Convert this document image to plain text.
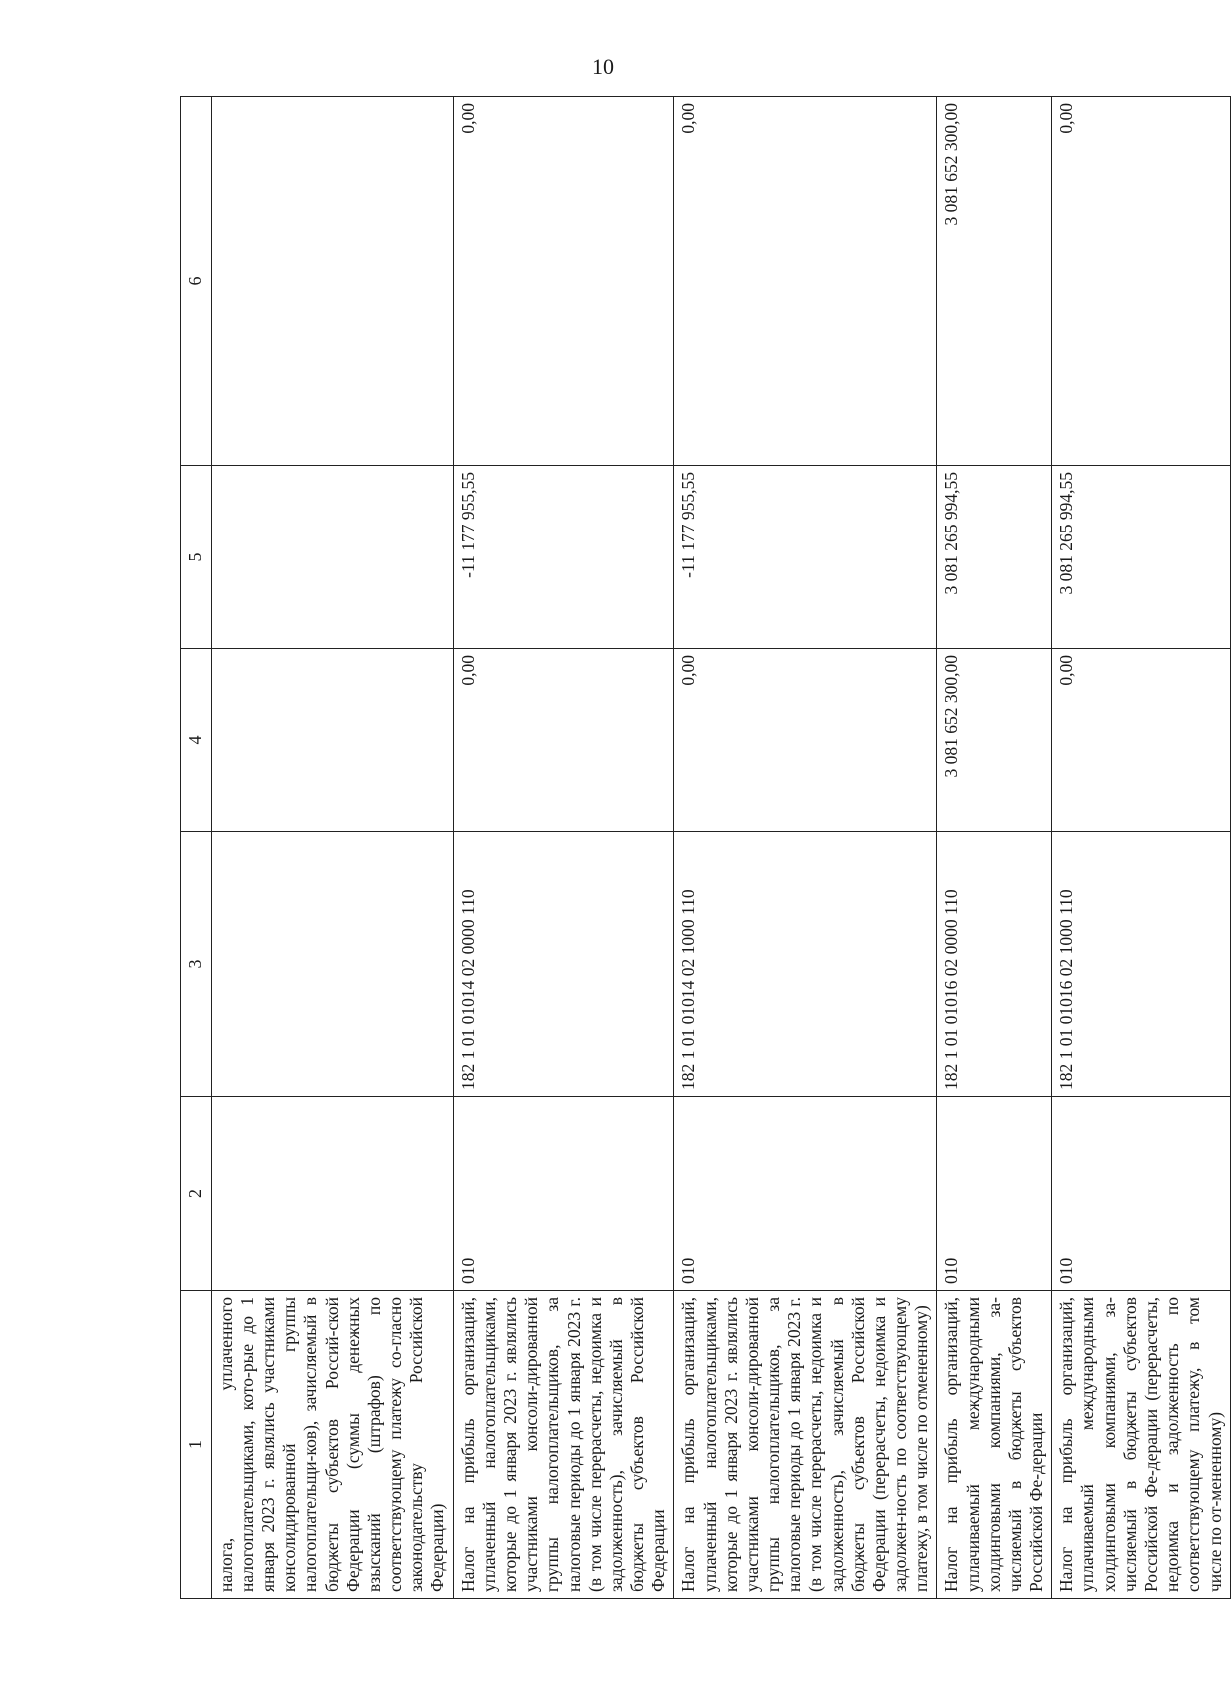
10
1	2	3	4	5	6
налога, уплаченного налогоплательщиками, кото-рые до 1 января 2023 г. являлись участниками консолидированной группы налогоплательщи-ков), зачисляемый в бюджеты субъектов Россий-ской Федерации (суммы денежных взысканий (штрафов) по соответствующему платежу со-гласно законодательству Российской Федерации)					
Налог на прибыль организаций, уплаченный налогоплательщиками, которые до 1 января 2023 г. являлись участниками консоли-дированной группы налогоплательщиков, за налоговые периоды до 1 января 2023 г. (в том числе перерасчеты, недоимка и задолженность), зачисляемый в бюджеты субъектов Российской Федерации	010	182 1 01 01014 02 0000 110	0,00	-11 177 955,55	0,00
Налог на прибыль организаций, уплаченный налогоплательщиками, которые до 1 января 2023 г. являлись участниками консоли-дированной группы налогоплательщиков, за налоговые периоды до 1 января 2023 г. (в том числе перерасчеты, недоимка и задолженность), зачисляемый в бюджеты субъектов Российской Федерации (перерасчеты, недоимка и задолжен-ность по соответствующему платежу, в том числе по отмененному)	010	182 1 01 01014 02 1000 110	0,00	-11 177 955,55	0,00
Налог на прибыль организаций, уплачиваемый международными холдинговыми компаниями, за-числяемый в бюджеты субъектов Российской Фе-дерации	010	182 1 01 01016 02 0000 110	3 081 652 300,00	3 081 265 994,55	3 081 652 300,00
Налог на прибыль организаций, уплачиваемый международными холдинговыми компаниями, за-числяемый в бюджеты субъектов Российской Фе-дерации (перерасчеты, недоимка и задолженность по соответствующему платежу, в том числе по от-мененному)	010	182 1 01 01016 02 1000 110	0,00	3 081 265 994,55	0,00
